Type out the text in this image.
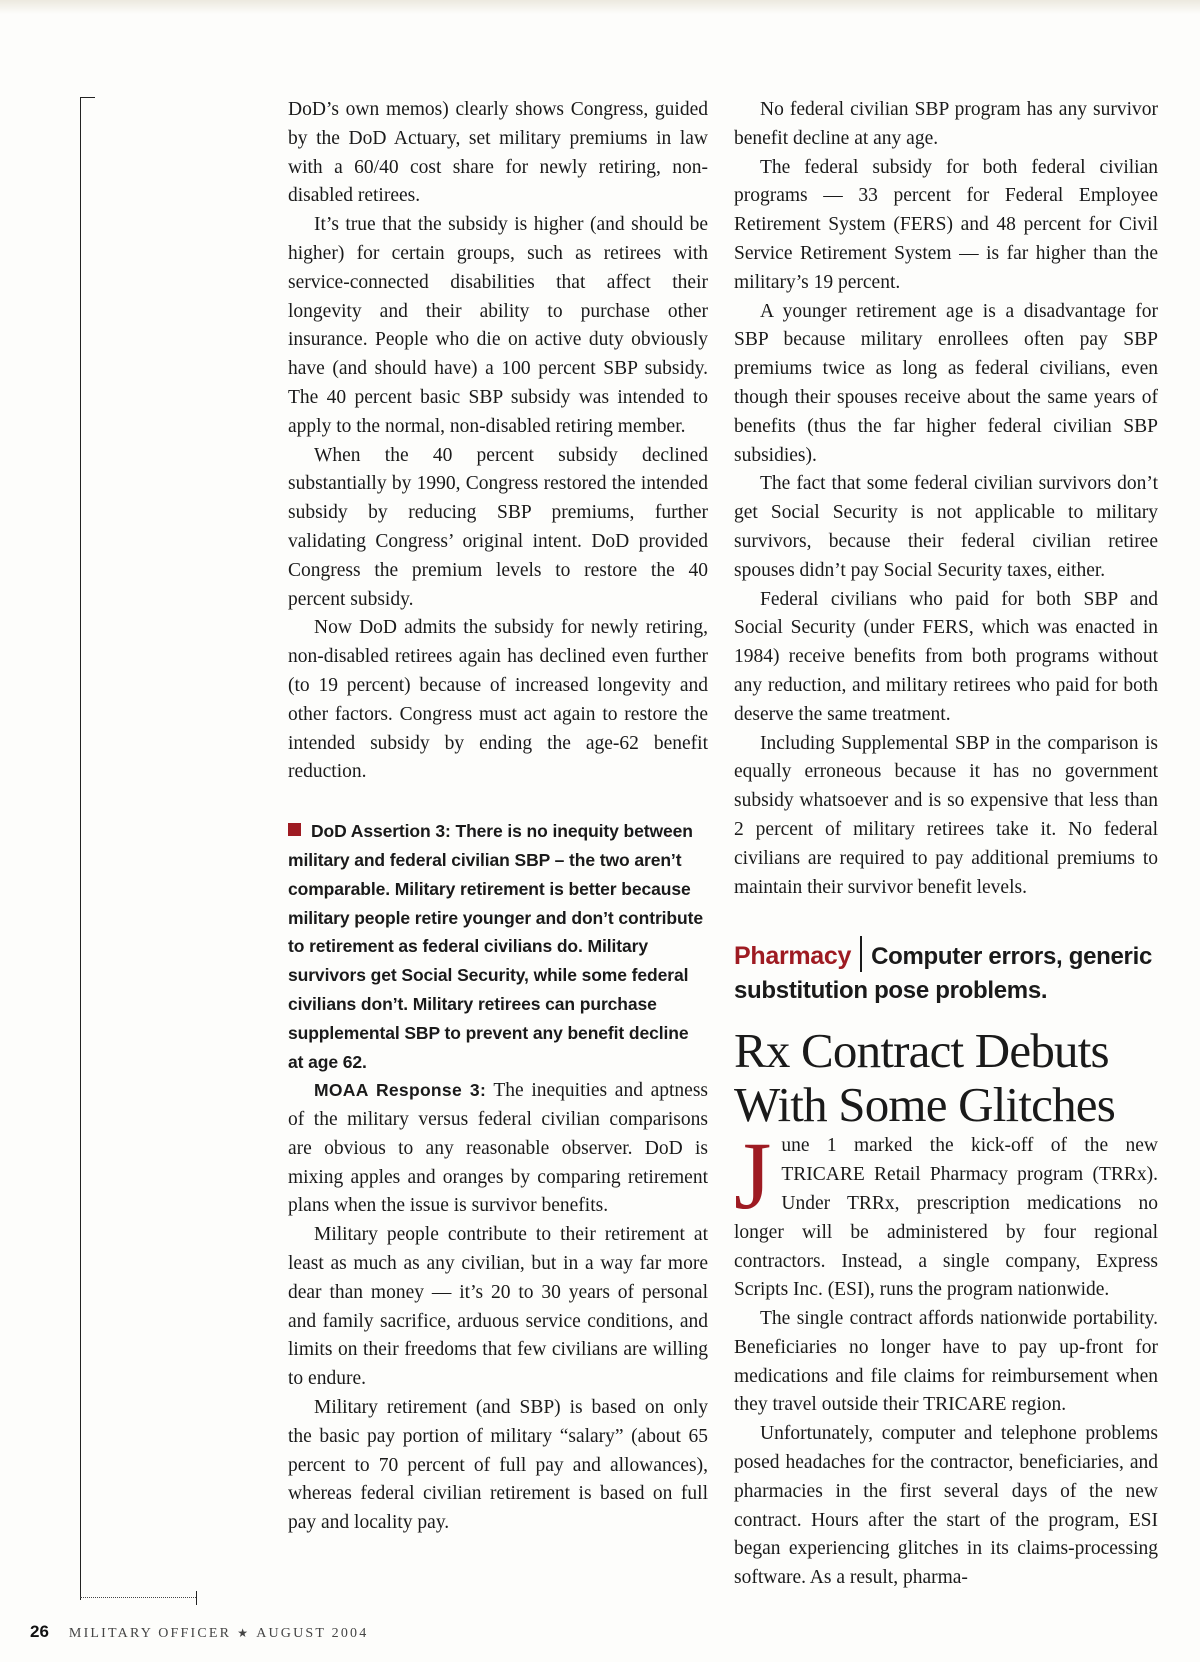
DoD’s own memos) clearly shows Congress, guided by the DoD Actuary, set military premiums in law with a 60/40 cost share for newly retiring, non-disabled retirees.

It’s true that the subsidy is higher (and should be higher) for certain groups, such as retirees with service-connected disabilities that affect their longevity and their ability to purchase other insurance. People who die on active duty obviously have (and should have) a 100 percent SBP subsidy. The 40 percent basic SBP subsidy was intended to apply to the normal, non-disabled retiring member.

When the 40 percent subsidy declined substantially by 1990, Congress restored the intended subsidy by reducing SBP premiums, further validating Congress’ original intent. DoD provided Congress the premium levels to restore the 40 percent subsidy.

Now DoD admits the subsidy for newly retiring, non-disabled retirees again has declined even further (to 19 percent) because of increased longevity and other factors. Congress must act again to restore the intended subsidy by ending the age-62 benefit reduction.

DoD Assertion 3: There is no inequity between military and federal civilian SBP – the two aren’t comparable. Military retirement is better because military people retire younger and don’t contribute to retirement as federal civilians do. Military survivors get Social Security, while some federal civilians don’t. Military retirees can purchase supplemental SBP to prevent any benefit decline at age 62.

MOAA Response 3: The inequities and aptness of the military versus federal civilian comparisons are obvious to any reasonable observer. DoD is mixing apples and oranges by comparing retirement plans when the issue is survivor benefits.

Military people contribute to their retirement at least as much as any civilian, but in a way far more dear than money — it’s 20 to 30 years of personal and family sacrifice, arduous service conditions, and limits on their freedoms that few civilians are willing to endure.

Military retirement (and SBP) is based on only the basic pay portion of military “salary” (about 65 percent to 70 percent of full pay and allowances), whereas federal civilian retirement is based on full pay and locality pay.

No federal civilian SBP program has any survivor benefit decline at any age.

The federal subsidy for both federal civilian programs — 33 percent for Federal Employee Retirement System (FERS) and 48 percent for Civil Service Retirement System — is far higher than the military’s 19 percent.

A younger retirement age is a disadvantage for SBP because military enrollees often pay SBP premiums twice as long as federal civilians, even though their spouses receive about the same years of benefits (thus the far higher federal civilian SBP subsidies).

The fact that some federal civilian survivors don’t get Social Security is not applicable to military survivors, because their federal civilian retiree spouses didn’t pay Social Security taxes, either.

Federal civilians who paid for both SBP and Social Security (under FERS, which was enacted in 1984) receive benefits from both programs without any reduction, and military retirees who paid for both deserve the same treatment.

Including Supplemental SBP in the comparison is equally erroneous because it has no government subsidy whatsoever and is so expensive that less than 2 percent of military retirees take it. No federal civilians are required to pay additional premiums to maintain their survivor benefit levels.

Pharmacy Computer errors, generic substitution pose problems.
Rx Contract Debuts With Some Glitches

June 1 marked the kick-off of the new TRICARE Retail Pharmacy program (TRRx). Under TRRx, prescription medications no longer will be administered by four regional contractors. Instead, a single company, Express Scripts Inc. (ESI), runs the program nationwide.

The single contract affords nationwide portability. Beneficiaries no longer have to pay up-front for medications and file claims for reimbursement when they travel outside their TRICARE region.

Unfortunately, computer and telephone problems posed headaches for the contractor, beneficiaries, and pharmacies in the first several days of the new contract. Hours after the start of the program, ESI began experiencing glitches in its claims-processing software. As a result, pharma-

26 MILITARY OFFICER ★ AUGUST 2004
